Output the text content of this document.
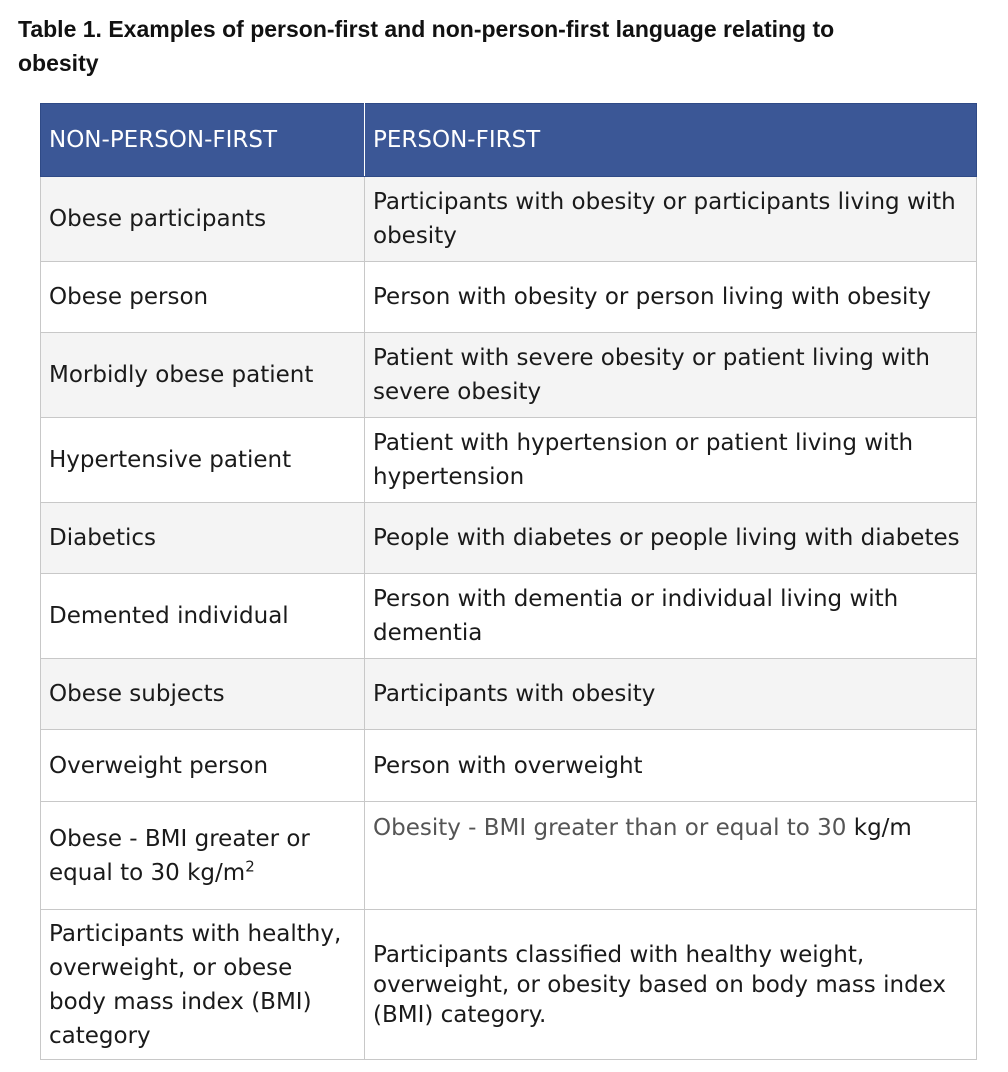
Table 1. Examples of person-first and non-person-first language relating to
obesity
NON-PERSON-FIRST	PERSON-FIRST
Obese participants	Participants with obesity or participants living with obesity
Obese person	Person with obesity or person living with obesity
Morbidly obese patient	Patient with severe obesity or patient living with severe obesity
Hypertensive patient	Patient with hypertension or patient living with hypertension
Diabetics	People with diabetes or people living with diabetes
Demented individual	Person with dementia or individual living with dementia
Obese subjects	Participants with obesity
Overweight person	Person with overweight
Obese - BMI greater or equal to 30 $kg/m^2$	Obesity - BMI greater than or equal to 30 kg/m
Participants with healthy, overweight, or obese body mass index (BMI) category	Participants classified with healthy weight, overweight, or obesity based on body mass index (BMI) category.
